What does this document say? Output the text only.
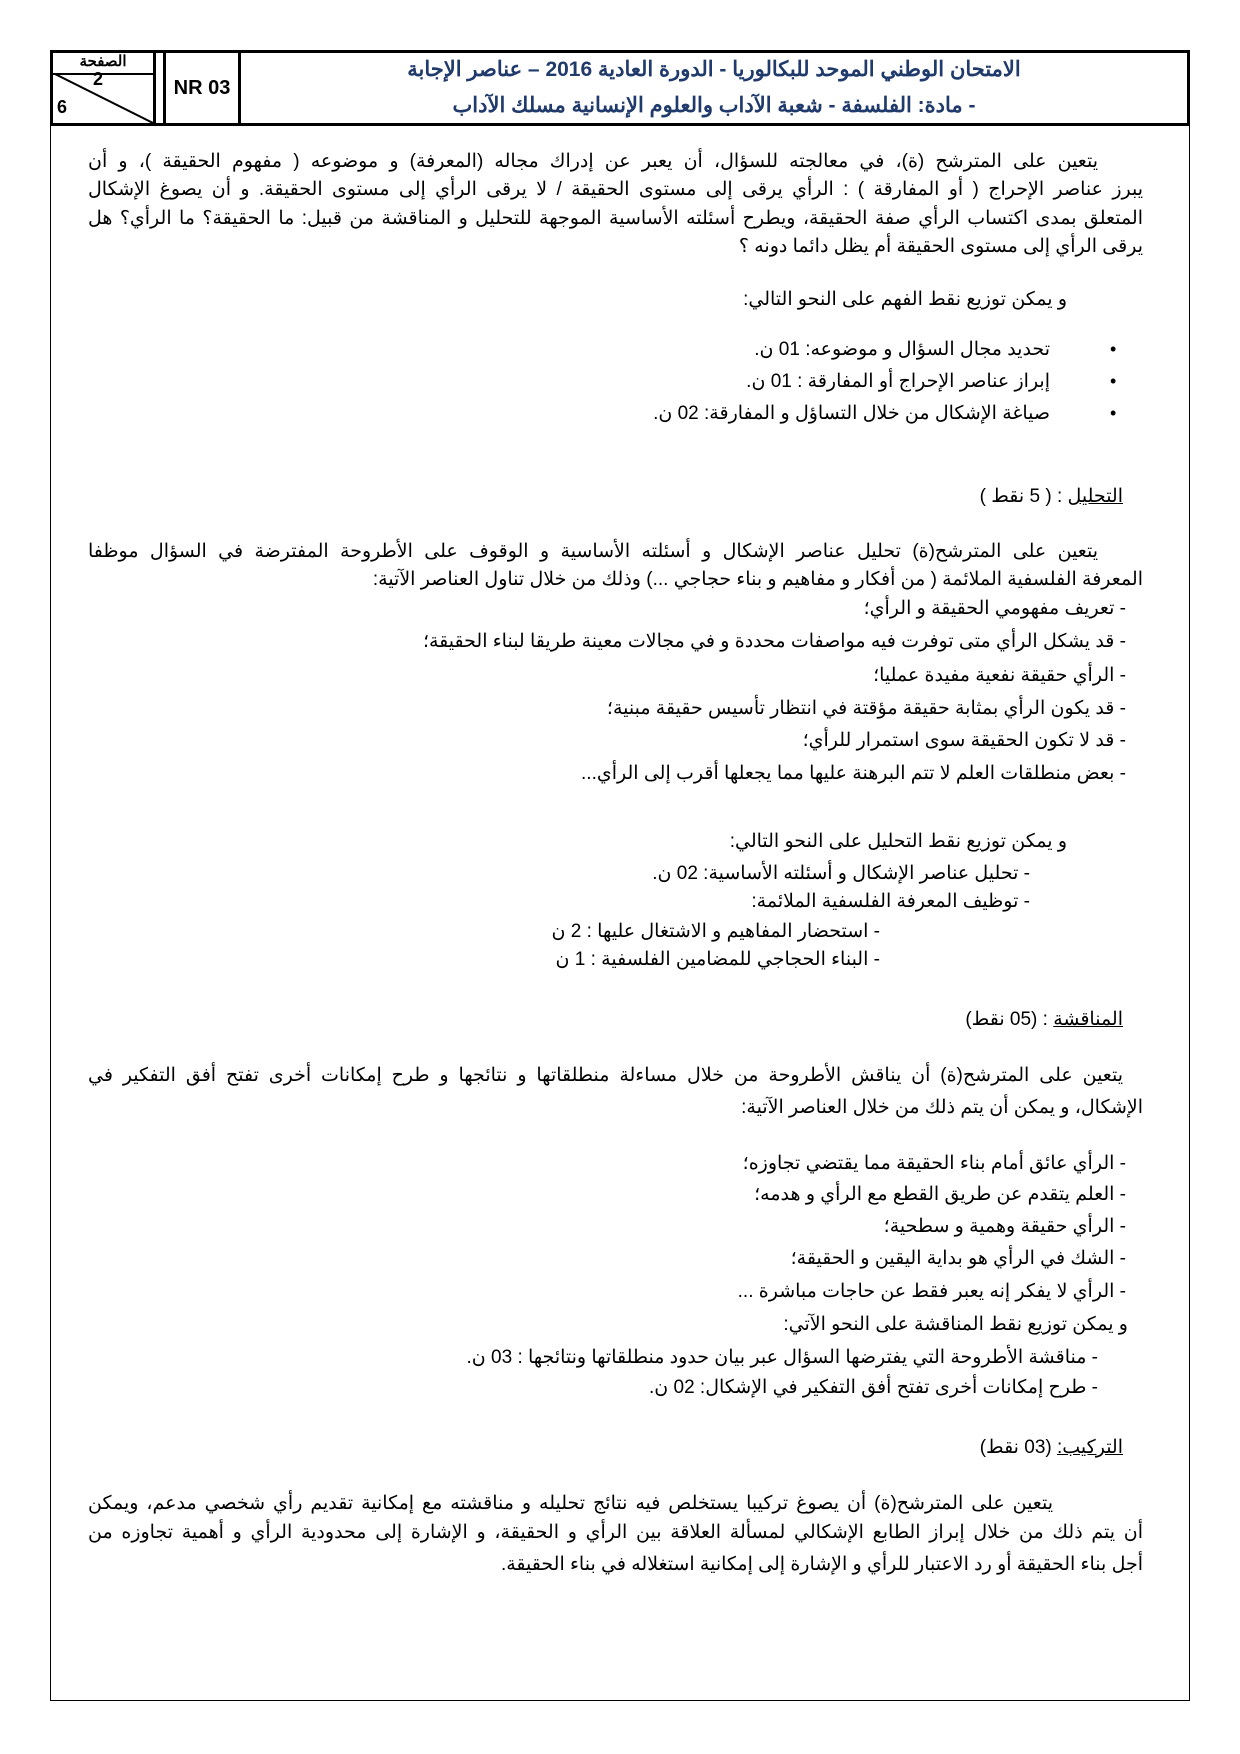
الصفحة
2
6
NR 03
الامتحان الوطني الموحد للبكالوريا - الدورة العادية 2016 – عناصر الإجابة
- مادة: الفلسفة - شعبة الآداب والعلوم الإنسانية مسلك الآداب
يتعين على المترشح (ة)، في معالجته للسؤال، أن يعبر عن إدراك مجاله (المعرفة) و موضوعه ( مفهوم الحقيقة )، و أن
يبرز عناصر الإحراج ( أو المفارقة ) : الرأي يرقى إلى مستوى الحقيقة / لا يرقى الرأي إلى مستوى الحقيقة. و أن يصوغ الإشكال
المتعلق بمدى اكتساب الرأي صفة الحقيقة، ويطرح أسئلته الأساسية الموجهة للتحليل و المناقشة من قبيل: ما الحقيقة؟ ما الرأي؟ هل
يرقى الرأي إلى مستوى الحقيقة أم يظل دائما دونه ؟
و يمكن توزيع نقط الفهم على النحو التالي:
تحديد مجال السؤال و موضوعه: 01 ن.	•
إبراز عناصر الإحراج أو المفارقة : 01 ن.	•
صياغة الإشكال من خلال التساؤل و المفارقة: 02 ن.	•
التحليل : ( 5 نقط )
يتعين على المترشح(ة) تحليل عناصر الإشكال و أسئلته الأساسية و الوقوف على الأطروحة المفترضة في السؤال موظفا
المعرفة الفلسفية الملائمة ( من أفكار و مفاهيم و بناء حجاجي ...) وذلك من خلال تناول العناصر الآتية:
- تعريف مفهومي الحقيقة و الرأي؛
- قد يشكل الرأي متى توفرت فيه مواصفات محددة و في مجالات معينة طريقا لبناء الحقيقة؛
- الرأي حقيقة نفعية مفيدة عمليا؛
- قد يكون الرأي بمثابة حقيقة مؤقتة في انتظار تأسيس حقيقة مبنية؛
- قد لا تكون الحقيقة سوى استمرار للرأي؛
- بعض منطلقات العلم لا تتم البرهنة عليها مما يجعلها أقرب إلى الرأي...
و يمكن توزيع نقط التحليل على النحو التالي:
- تحليل عناصر الإشكال و أسئلته الأساسية: 02 ن.
- توظيف المعرفة الفلسفية الملائمة:
- استحضار المفاهيم و الاشتغال عليها : 2 ن
- البناء الحجاجي للمضامين الفلسفية : 1 ن
المناقشة : (05 نقط)
يتعين على المترشح(ة) أن يناقش الأطروحة من خلال مساءلة منطلقاتها و نتائجها و طرح إمكانات أخرى تفتح أفق التفكير في
الإشكال، و يمكن أن يتم ذلك من خلال العناصر الآتية:
- الرأي عائق أمام بناء الحقيقة مما يقتضي تجاوزه؛
- العلم يتقدم عن طريق القطع مع الرأي و هدمه؛
- الرأي حقيقة وهمية و سطحية؛
- الشك في الرأي هو بداية اليقين و الحقيقة؛
- الرأي لا يفكر إنه يعبر فقط عن حاجات مباشرة ...
و يمكن توزيع نقط المناقشة على النحو الآتي:
- مناقشة الأطروحة التي يفترضها السؤال عبر بيان حدود منطلقاتها ونتائجها : 03 ن.
- طرح إمكانات أخرى تفتح أفق التفكير في الإشكال: 02 ن.
التركيب: (03 نقط)
يتعين على المترشح(ة) أن يصوغ تركيبا يستخلص فيه نتائج تحليله و مناقشته مع إمكانية تقديم رأي شخصي مدعم، ويمكن
أن يتم ذلك من خلال إبراز الطابع الإشكالي لمسألة العلاقة بين الرأي و الحقيقة، و الإشارة إلى محدودية الرأي و أهمية تجاوزه من
أجل بناء الحقيقة أو رد الاعتبار للرأي و الإشارة إلى إمكانية استغلاله في بناء الحقيقة.
